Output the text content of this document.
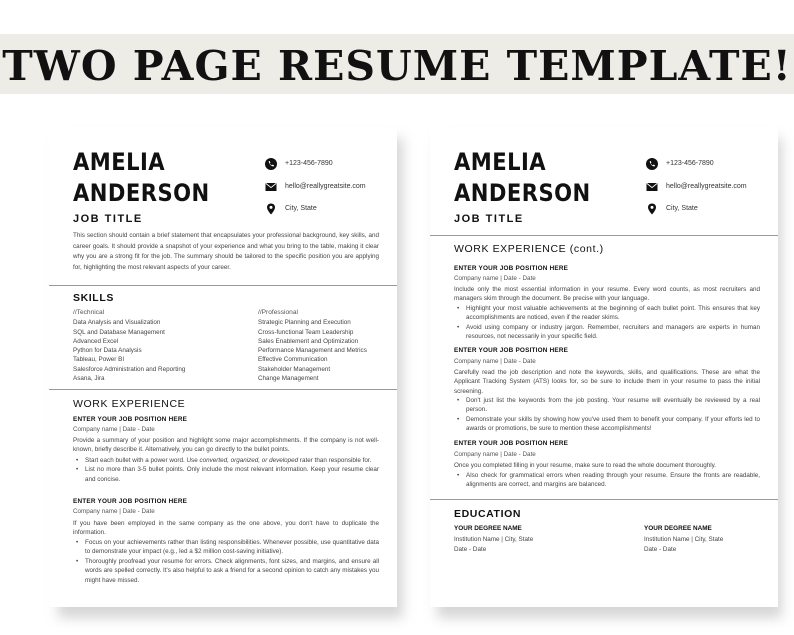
TWO PAGE RESUME TEMPLATE!
AMELIA
ANDERSON
JOB TITLE
+123-456-7890
hello@reallygreatsite.com
City, State
This section should contain a brief statement that encapsulates your professional background, key skills, and career goals. It should provide a snapshot of your experience and what you bring to the table, making it clear why you are a strong fit for the job. The summary should be tailored to the specific position you are applying for, highlighting the most relevant aspects of your career.
SKILLS
//Technical
Data Analysis and Visualization
SQL and Database Management
Advanced Excel
Python for Data Analysis
Tableau, Power BI
Salesforce Administration and Reporting
Asana, Jira
//Professional
Strategic Planning and Execution
Cross-functional Team Leadership
Sales Enablement and Optimization
Performance Management and Metrics
Effective Communication
Stakeholder Management
Change Management
WORK EXPERIENCE
ENTER YOUR JOB POSITION HERE
Company name | Date - Date
Provide a summary of your position and highlight some major accomplishments. If the company is not well-known, briefly describe it. Alternatively, you can go directly to the bullet points.
• Start each bullet with a power word. Use converted, organized, or developed rater than responsible for.
• List no more than 3-5 bullet points. Only include the most relevant information. Keep your resume clear and concise.
ENTER YOUR JOB POSITION HERE
Company name | Date - Date
If you have been employed in the same company as the one above, you don't have to duplicate the information.
• Focus on your achievements rather than listing responsibilities. Whenever possible, use quantitative data to demonstrate your impact (e.g., led a $2 million cost-saving initiative).
• Thoroughly proofread your resume for errors. Check alignments, font sizes, and margins, and ensure all words are spelled correctly. It's also helpful to ask a friend for a second opinion to catch any mistakes you might have missed.
AMELIA
ANDERSON
JOB TITLE
+123-456-7890
hello@reallygreatsite.com
City, State
WORK EXPERIENCE (cont.)
ENTER YOUR JOB POSITION HERE
Company name | Date - Date
Include only the most essential information in your resume. Every word counts, as most recruiters and managers skim through the document. Be precise with your language.
• Highlight your most valuable achievements at the beginning of each bullet point. This ensures that key accomplishments are noticed, even if the reader skims.
• Avoid using company or industry jargon. Remember, recruiters and managers are experts in human resources, not necessarily in your specific field.
ENTER YOUR JOB POSITION HERE
Company name | Date - Date
Carefully read the job description and note the keywords, skills, and qualifications. These are what the Applicant Tracking System (ATS) looks for, so be sure to include them in your resume to pass the initial screening.
• Don't just list the keywords from the job posting. Your resume will eventually be reviewed by a real person.
• Demonstrate your skills by showing how you've used them to benefit your company. If your efforts led to awards or promotions, be sure to mention these accomplishments!
ENTER YOUR JOB POSITION HERE
Company name | Date - Date
Once you completed filling in your resume, make sure to read the whole document thoroughly.
• Also check for grammatical errors when reading through your resume. Ensure the fronts are readable, alignments are correct, and margins are balanced.
EDUCATION
YOUR DEGREE NAME
Institution Name | City, State
Date - Date
YOUR DEGREE NAME
Institution Name | City, State
Date - Date
